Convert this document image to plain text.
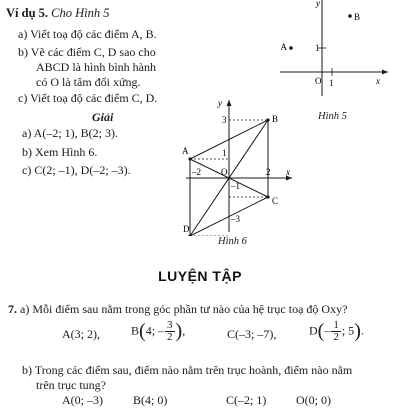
Ví dụ 5. Cho Hình 5
a) Viết toạ độ các điểm A, B.
b) Vẽ các điểm C, D sao cho
ABCD là hình bình hành
có O là tâm đối xứng.
c) Viết toạ độ các điểm C, D.
Giải
a) A(–2; 1), B(2; 3).
b) Xem Hình 6.
c) C(2; –1), D(–2; –3).
A
B
1
1
O	x
y
Hình 5
A
B
C
D
3
1
–1
–3
–2	2
O	x
y
Hình 6
LUYỆN TẬP
7. a) Mỗi điểm sau nằm trong góc phần tư nào của hệ trục toạ độ Oxy?
A(3; 2),	B(4; – $\frac{3}{2}$ ),	C(–3; –7),	$D(- \frac{1}{2}$ ; 5).
b) Trong các điểm sau, điểm nào nằm trên trục hoành, điểm nào nằm
trên trục tung?
A(0; –3)	B(4; 0)	C(–2; 1) O(0; 0)
